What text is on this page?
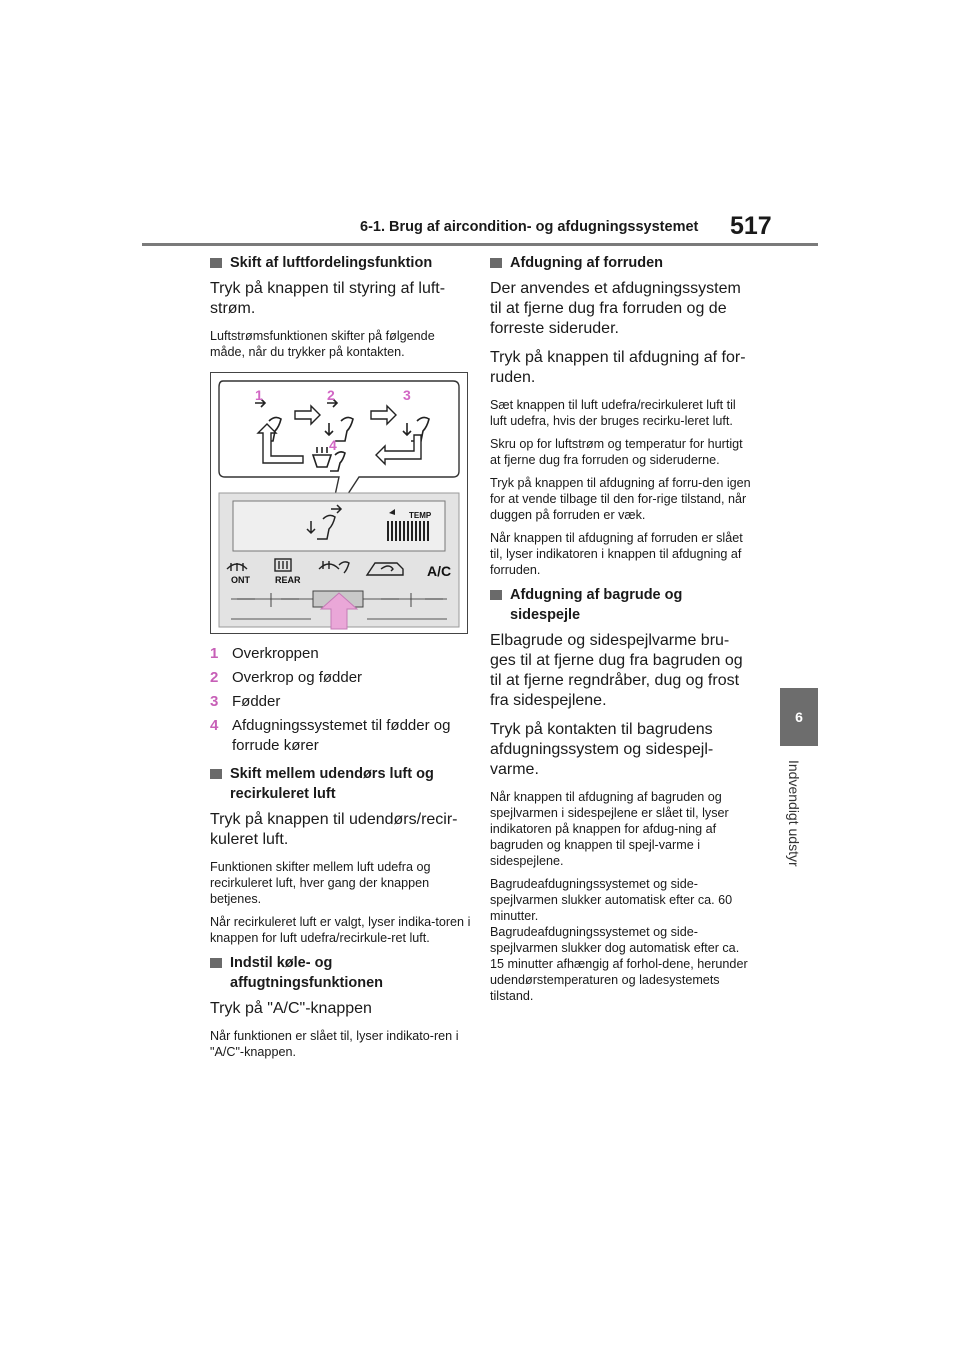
6-1. Brug af aircondition- og afdugningssystemet 517
6
Indvendigt udstyr
Skift af luftfordelingsfunktion

Tryk på knappen til styring af luft-strøm.

Luftstrømsfunktionen skifter på følgende måde, når du trykker på kontakten.

1	2	3
4
TEMP
ONT	REAR
A/C
1 Overkroppen
2 Overkrop og fødder
3 Fødder
4 Afdugningssystemet til fødder og forrude kører
Skift mellem udendørs luft og recirkuleret luft

Tryk på knappen til udendørs/recir-kuleret luft.

Funktionen skifter mellem luft udefra og recirkuleret luft, hver gang der knappen betjenes.

Når recirkuleret luft er valgt, lyser indika-toren i knappen for luft udefra/recirkule-ret luft.

Indstil køle- og affugtningsfunktionen

Tryk på "A/C"-knappen

Når funktionen er slået til, lyser indikato-ren i "A/C"-knappen.

Afdugning af forruden

Der anvendes et afdugningssystem til at fjerne dug fra forruden og de forreste sideruder.

Tryk på knappen til afdugning af for-ruden.

Sæt knappen til luft udefra/recirkuleret luft til luft udefra, hvis der bruges recirku-leret luft.

Skru op for luftstrøm og temperatur for hurtigt at fjerne dug fra forruden og sideruderne.

Tryk på knappen til afdugning af forru-den igen for at vende tilbage til den for-rige tilstand, når duggen på forruden er væk.

Når knappen til afdugning af forruden er slået til, lyser indikatoren i knappen til afdugning af forruden.

Afdugning af bagrude og sidespejle

Elbagrude og sidespejlvarme bru-ges til at fjerne dug fra bagruden og til at fjerne regndråber, dug og frost fra sidespejlene.

Tryk på kontakten til bagrudens afdugningssystem og sidespejl-varme.

Når knappen til afdugning af bagruden og spejlvarmen i sidespejlene er slået til, lyser indikatoren på knappen for afdug-ning af bagruden og knappen til spejl-varme i sidespejlene.

Bagrudeafdugningssystemet og side-spejlvarmen slukker automatisk efter ca. 60 minutter.

Bagrudeafdugningssystemet og side-spejlvarmen slukker dog automatisk efter ca. 15 minutter afhængig af forhol-dene, herunder udendørstemperaturen og ladesystemets tilstand.
